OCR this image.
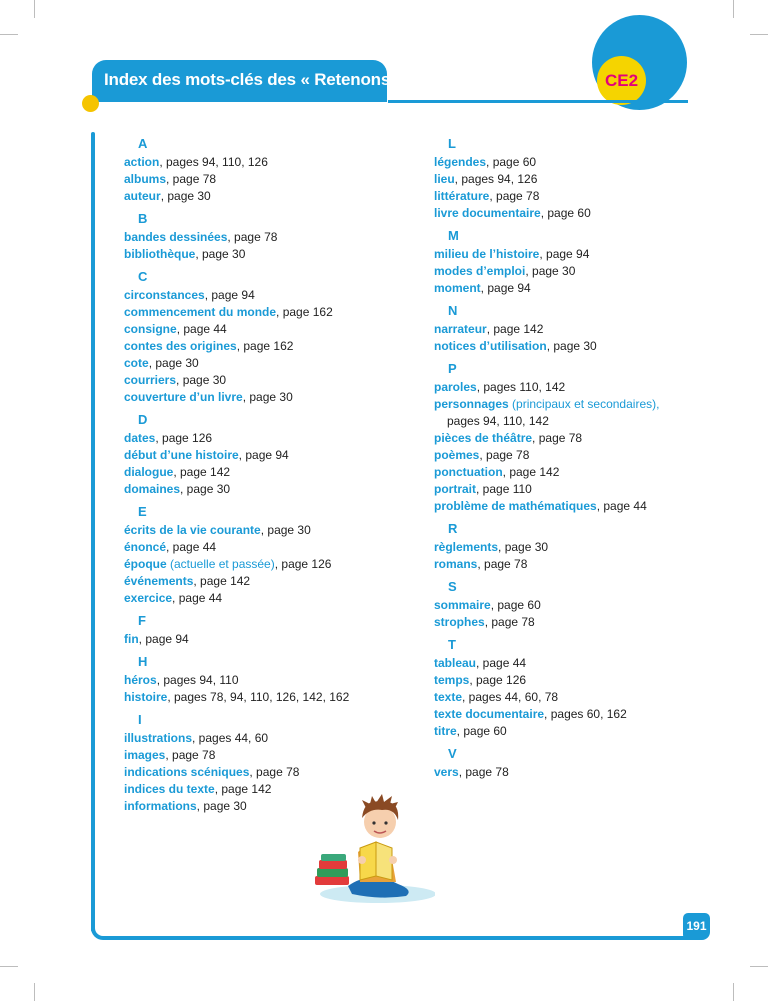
CE2
Index des mots-clés des « Retenons »
A
action, pages 94, 110, 126
albums, page 78
auteur, page 30
B
bandes dessinées, page 78
bibliothèque, page 30
C
circonstances, page 94
commencement du monde, page 162
consigne, page 44
contes des origines, page 162
cote, page 30
courriers, page 30
couverture d’un livre, page 30
D
dates, page 126
début d’une histoire, page 94
dialogue, page 142
domaines, page 30
E
écrits de la vie courante, page 30
énoncé, page 44
époque (actuelle et passée), page 126
événements, page 142
exercice, page 44
F
fin, page 94
H
héros, pages 94, 110
histoire, pages 78, 94, 110, 126, 142, 162
I
illustrations, pages 44, 60
images, page 78
indications scéniques, page 78
indices du texte, page 142
informations, page 30
L
légendes, page 60
lieu, pages 94, 126
littérature, page 78
livre documentaire, page 60
M
milieu de l’histoire, page 94
modes d’emploi, page 30
moment, page 94
N
narrateur, page 142
notices d’utilisation, page 30
P
paroles, pages 110, 142
personnages (principaux et secondaires),
pages 94, 110, 142
pièces de théâtre, page 78
poèmes, page 78
ponctuation, page 142
portrait, page 110
problème de mathématiques, page 44
R
règlements, page 30
romans, page 78
S
sommaire, page 60
strophes, page 78
T
tableau, page 44
temps, page 126
texte, pages 44, 60, 78
texte documentaire, pages 60, 162
titre, page 60
V
vers, page 78
191
